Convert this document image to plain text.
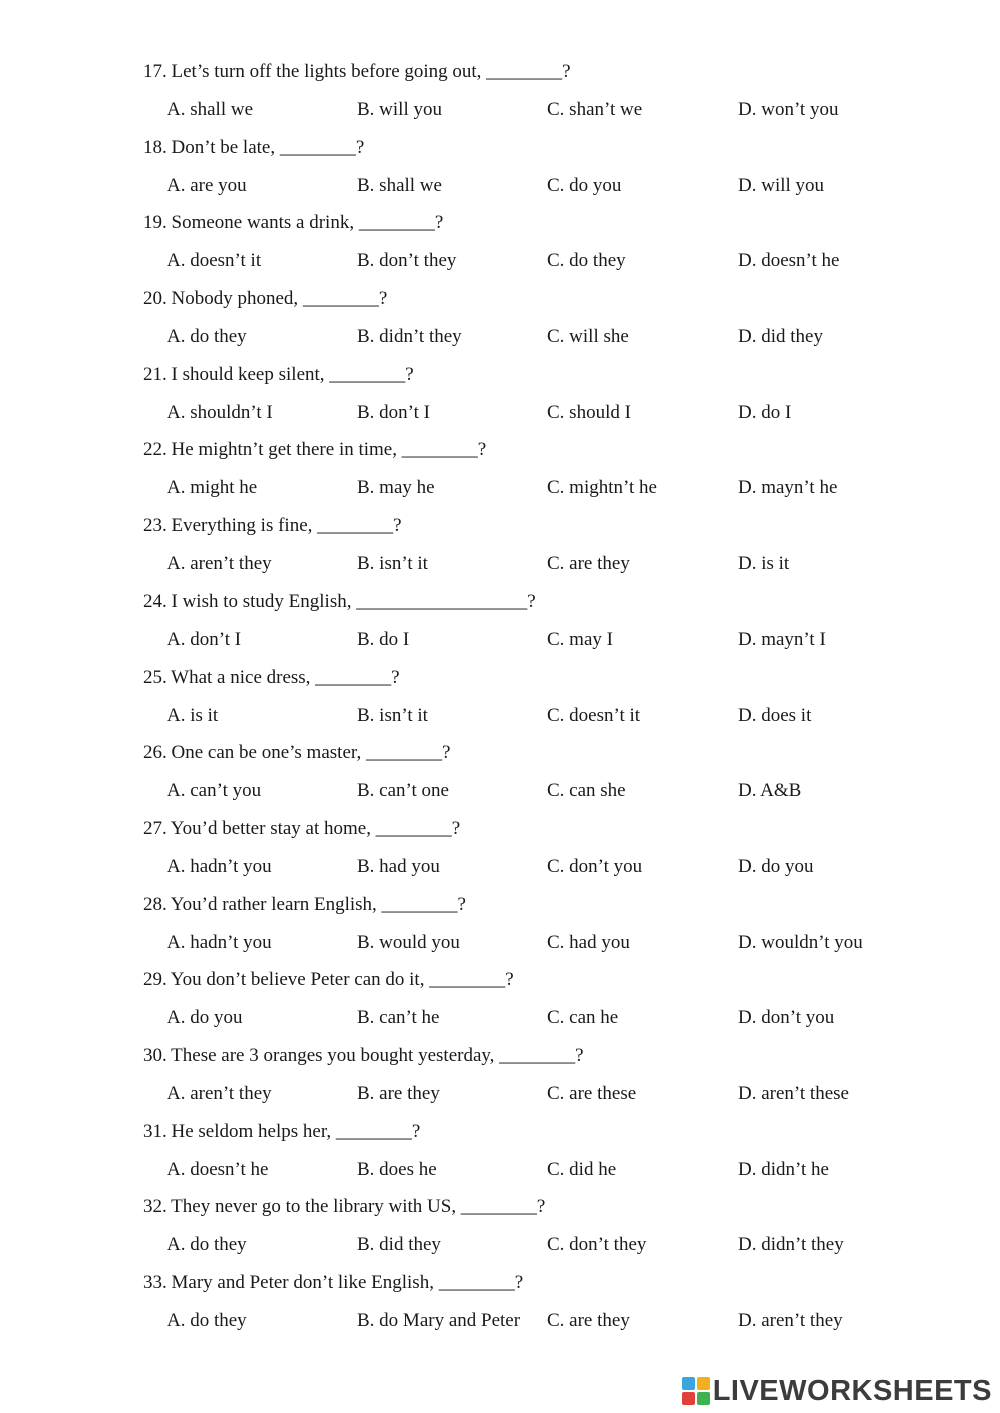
17. Let’s turn off the lights before going out, ________?
A. shall we	B. will you	C. shan’t we	D. won’t you
18. Don’t be late, ________?
A. are you	B. shall we	C. do you	D. will you
19. Someone wants a drink, ________?
A. doesn’t it	B. don’t they	C. do they	D. doesn’t he
20. Nobody phoned, ________?
A. do they	B. didn’t they	C. will she	D. did they
21. I should keep silent, ________?
A. shouldn’t I	B. don’t I	C. should I	D. do I
22. He mightn’t get there in time, ________?
A. might he	B. may he	C. mightn’t he	D. mayn’t he
23. Everything is fine, ________?
A. aren’t they	B. isn’t it	C. are they	D. is it
24. I wish to study English, __________________?
A. don’t I	B. do I	C. may I	D. mayn’t I
25. What a nice dress, ________?
A. is it	B. isn’t it	C. doesn’t it	D. does it
26. One can be one’s master, ________?
A. can’t you	B. can’t one	C. can she	D. A&B
27. You’d better stay at home, ________?
A. hadn’t you	B. had you	C. don’t you	D. do you
28. You’d rather learn English, ________?
A. hadn’t you	B. would you	C. had you	D. wouldn’t you
29. You don’t believe Peter can do it, ________?
A. do you	B. can’t he	C. can he	D. don’t you
30. These are 3 oranges you bought yesterday, ________?
A. aren’t they	B. are they	C. are these	D. aren’t these
31. He seldom helps her, ________?
A. doesn’t he	B. does he	C. did he	D. didn’t he
32. They never go to the library with US, ________?
A. do they	B. did they	C. don’t they	D. didn’t they
33. Mary and Peter don’t like English, ________?
A. do they	B. do Mary and Peter C. are they	D. aren’t they
LIVEWORKSHEETS
